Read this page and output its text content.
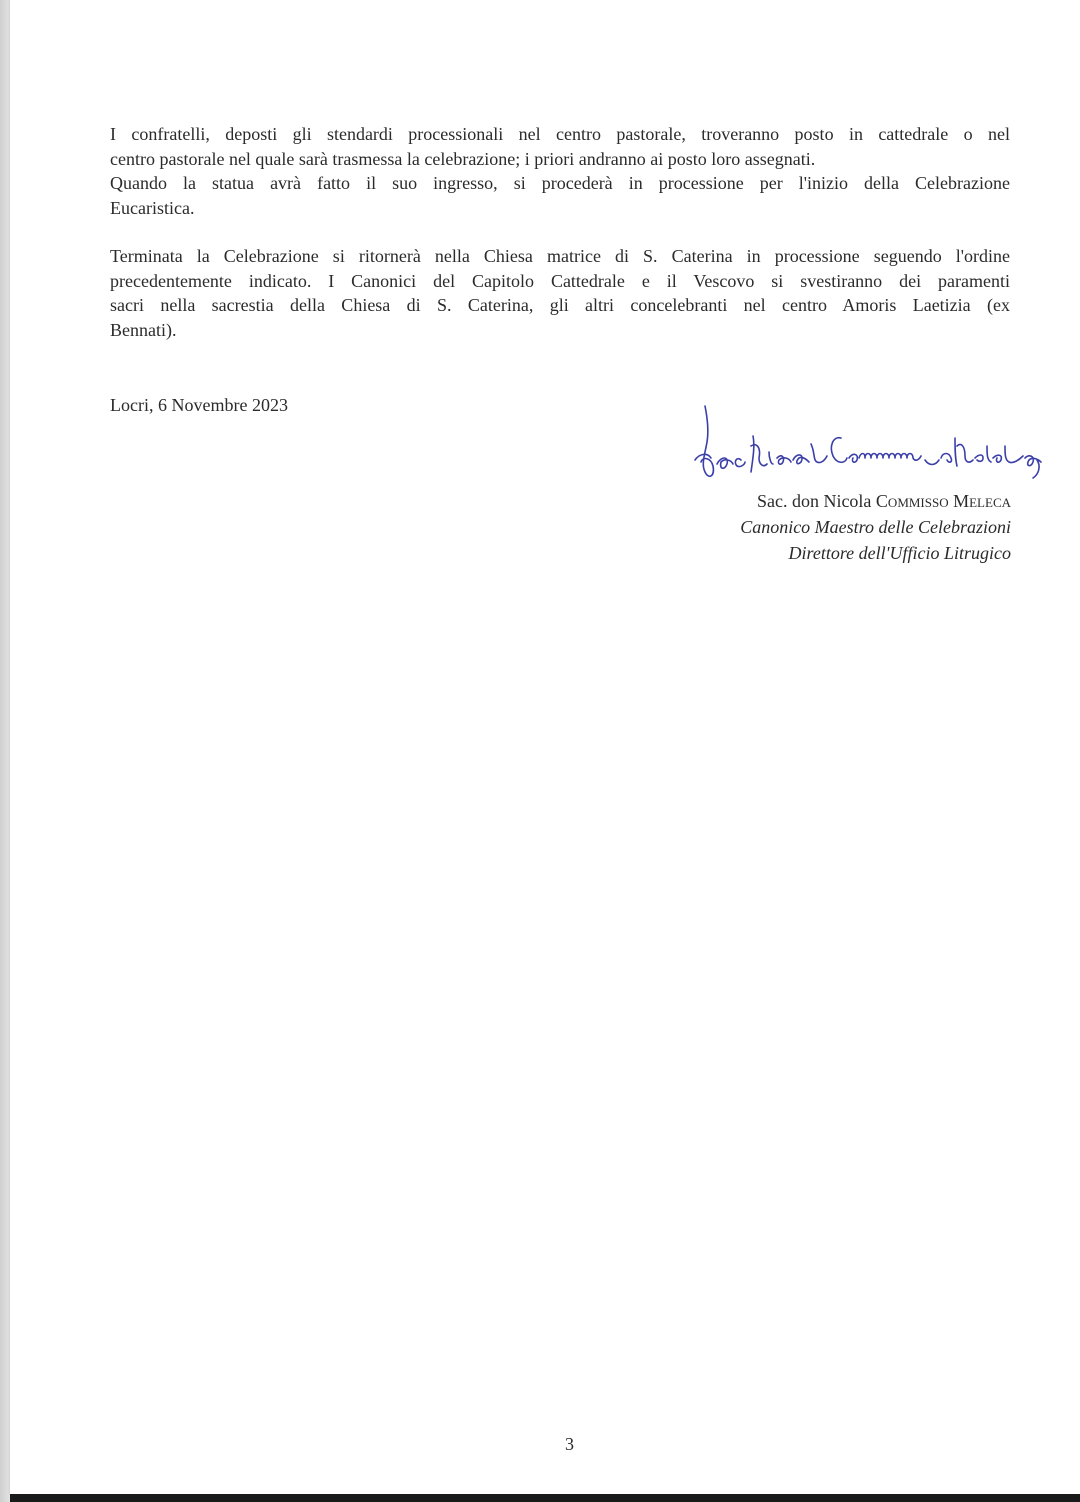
I confratelli, deposti gli stendardi processionali nel centro pastorale, troveranno posto in cattedrale o nel
centro pastorale nel quale sarà trasmessa la celebrazione; i priori andranno ai posto loro assegnati.
Quando la statua avrà fatto il suo ingresso, si procederà in processione per l'inizio della Celebrazione
Eucaristica.
Terminata la Celebrazione si ritornerà nella Chiesa matrice di S. Caterina in processione seguendo l'ordine
precedentemente indicato. I Canonici del Capitolo Cattedrale e il Vescovo si svestiranno dei paramenti
sacri nella sacrestia della Chiesa di S. Caterina, gli altri concelebranti nel centro Amoris Laetizia (ex
Bennati).
Locri, 6 Novembre 2023
Sac. don Nicola Commisso Meleca
Canonico Maestro delle Celebrazioni
Direttore dell'Ufficio Litrugico
3
